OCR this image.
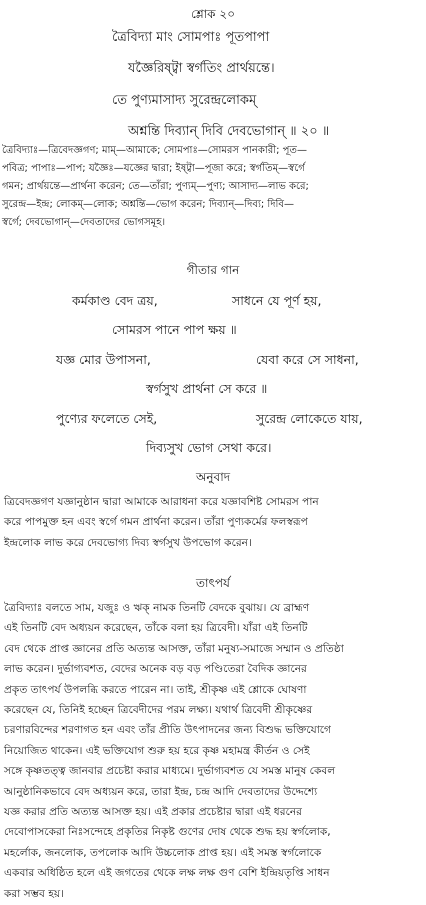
শ্লোক ২০
ত্রৈবিদ্যা মাং সোমপাঃ পূতপাপা
যজ্ঞৈরিষ্ট্বা স্বর্গতিং প্রার্থয়ন্তে।
তে পুণ্যমাসাদ্য সুরেন্দ্রলোকম্
অশ্নন্তি দিব্যান্ দিবি দেবভোগান্ ॥ ২০ ॥
ত্রৈবিদ্যাঃ—ত্রিবেদজ্ঞগণ; মাম্—আমাকে; সোমপাঃ—সোমরস পানকারী; পূত—
পবিত্র; পাপাঃ—পাপ; যজ্ঞৈঃ—যজ্ঞের দ্বারা; ইষ্ট্বা—পূজা করে; স্বর্গতিম্—স্বর্গে
গমন; প্রার্থয়ন্তে—প্রার্থনা করেন; তে—তাঁরা; পুণ্যম্—পুণ্য; আসাদ্য—লাভ করে;
সুরেন্দ্র—ইন্দ্র; লোকম্—লোক; অশ্নন্তি—ভোগ করেন; দিব্যান্—দিব্য; দিবি—
স্বর্গে; দেবভোগান্—দেবতাদের ভোগসমূহ।
গীতার গান
কর্মকাণ্ড বেদ ত্রয়,	সাধনে যে পূর্ণ হয়,
সোমরস পানে পাপ ক্ষয় ॥
যজ্ঞ মোর উপাসনা,	যেবা করে সে সাধনা,
স্বর্গসুখ প্রার্থনা সে করে ॥
পুণ্যের ফলেতে সেই,	সুরেন্দ্র লোকেতে যায়,
দিব্যসুখ ভোগ সেথা করে।
অনুবাদ
ত্রিবেদজ্ঞগণ যজ্ঞানুষ্ঠান দ্বারা আমাকে আরাধনা করে যজ্ঞাবশিষ্ট সোমরস পান
করে পাপমুক্ত হন এবং স্বর্গে গমন প্রার্থনা করেন। তাঁরা পুণ্যকর্মের ফলস্বরূপ
ইন্দ্রলোক লাভ করে দেবভোগ্য দিব্য স্বর্গসুখ উপভোগ করেন।
তাৎপর্য
ত্রৈবিদ্যাঃ বলতে সাম, যজুঃ ও ঋক্ নামক তিনটি বেদকে বুঝায়। যে ব্রাহ্মণ
এই তিনটি বেদ অধ্যয়ন করেছেন, তাঁকে বলা হয় ত্রিবেদী। যাঁরা এই তিনটি
বেদ থেকে প্রাপ্ত জ্ঞানের প্রতি অত্যন্ত আসক্ত, তাঁরা মনুষ্য-সমাজে সম্মান ও প্রতিষ্ঠা
লাভ করেন। দুর্ভাগ্যবশত, বেদের অনেক বড় বড় পণ্ডিতেরা বৈদিক জ্ঞানের
প্রকৃত তাৎপর্য উপলব্ধি করতে পারেন না। তাই, শ্রীকৃষ্ণ এই শ্লোকে ঘোষণা
করেছেন যে, তিনিই হচ্ছেন ত্রিবেদীদের পরম লক্ষ্য। যথার্থ ত্রিবেদী শ্রীকৃষ্ণের
চরণারবিন্দের শরণাগত হন এবং তাঁর প্রীতি উৎপাদনের জন্য বিশুদ্ধ ভক্তিযোগে
নিয়োজিত থাকেন। এই ভক্তিযোগ শুরু হয় হরে কৃষ্ণ মহামন্ত্র কীর্তন ও সেই
সঙ্গে কৃষ্ণতত্ত্ব জানবার প্রচেষ্টা করার মাধ্যমে। দুর্ভাগ্যবশত যে সমস্ত মানুষ কেবল
আনুষ্ঠানিকভাবে বেদ অধ্যয়ন করে, তারা ইন্দ্র, চন্দ্র আদি দেবতাদের উদ্দেশ্যে
যজ্ঞ করার প্রতি অত্যন্ত আসক্ত হয়। এই প্রকার প্রচেষ্টার দ্বারা এই ধরনের
দেবোপাসকেরা নিঃসন্দেহে প্রকৃতির নিকৃষ্ট গুণের দোষ থেকে শুদ্ধ হয় স্বর্গলোক,
মহর্লোক, জনলোক, তপলোক আদি উচ্চলোক প্রাপ্ত হয়। এই সমস্ত স্বর্গলোকে
একবার অধিষ্ঠিত হলে এই জগতের থেকে লক্ষ লক্ষ গুণ বেশি ইন্দ্রিয়তৃপ্তি সাধন
করা সম্ভব হয়।
